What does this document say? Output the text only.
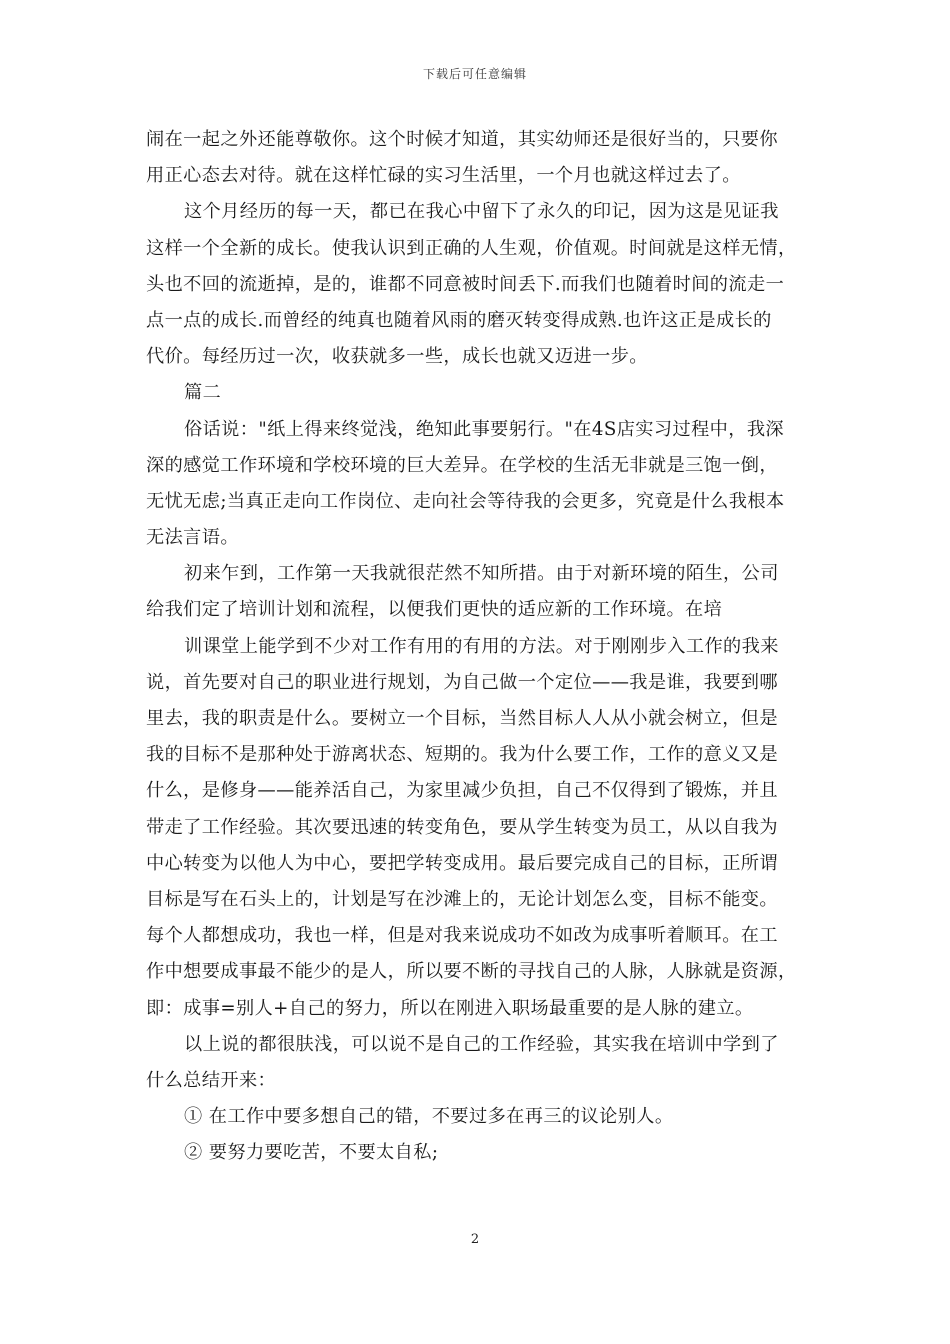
下载后可任意编辑
闹在一起之外还能尊敬你。这个时候才知道，其实幼师还是很好当的，只要你
用正心态去对待。就在这样忙碌的实习生活里，一个月也就这样过去了。
这个月经历的每一天，都已在我心中留下了永久的印记，因为这是见证我
这样一个全新的成长。使我认识到正确的人生观，价值观。时间就是这样无情，
头也不回的流逝掉，是的，谁都不同意被时间丢下.而我们也随着时间的流走一
点一点的成长.而曾经的纯真也随着风雨的磨灭转变得成熟.也许这正是成长的
代价。每经历过一次，收获就多一些，成长也就又迈进一步。
篇二
俗话说："纸上得来终觉浅，绝知此事要躬行。"在4S店实习过程中，我深
深的感觉工作环境和学校环境的巨大差异。在学校的生活无非就是三饱一倒，
无忧无虑;当真正走向工作岗位、走向社会等待我的会更多，究竟是什么我根本
无法言语。
初来乍到，工作第一天我就很茫然不知所措。由于对新环境的陌生，公司
给我们定了培训计划和流程，以便我们更快的适应新的工作环境。在培
训课堂上能学到不少对工作有用的有用的方法。对于刚刚步入工作的我来
说，首先要对自己的职业进行规划，为自己做一个定位——我是谁，我要到哪
里去，我的职责是什么。要树立一个目标，当然目标人人从小就会树立，但是
我的目标不是那种处于游离状态、短期的。我为什么要工作，工作的意义又是
什么，是修身——能养活自己，为家里减少负担，自己不仅得到了锻炼，并且
带走了工作经验。其次要迅速的转变角色，要从学生转变为员工，从以自我为
中心转变为以他人为中心，要把学转变成用。最后要完成自己的目标，正所谓
目标是写在石头上的，计划是写在沙滩上的，无论计划怎么变，目标不能变。
每个人都想成功，我也一样，但是对我来说成功不如改为成事听着顺耳。在工
作中想要成事最不能少的是人，所以要不断的寻找自己的人脉，人脉就是资源，
即：成事=别人+自己的努力，所以在刚进入职场最重要的是人脉的建立。
以上说的都很肤浅，可以说不是自己的工作经验，其实我在培训中学到了
什么总结开来：
① 在工作中要多想自己的错，不要过多在再三的议论别人。
② 要努力要吃苦，不要太自私;
2
